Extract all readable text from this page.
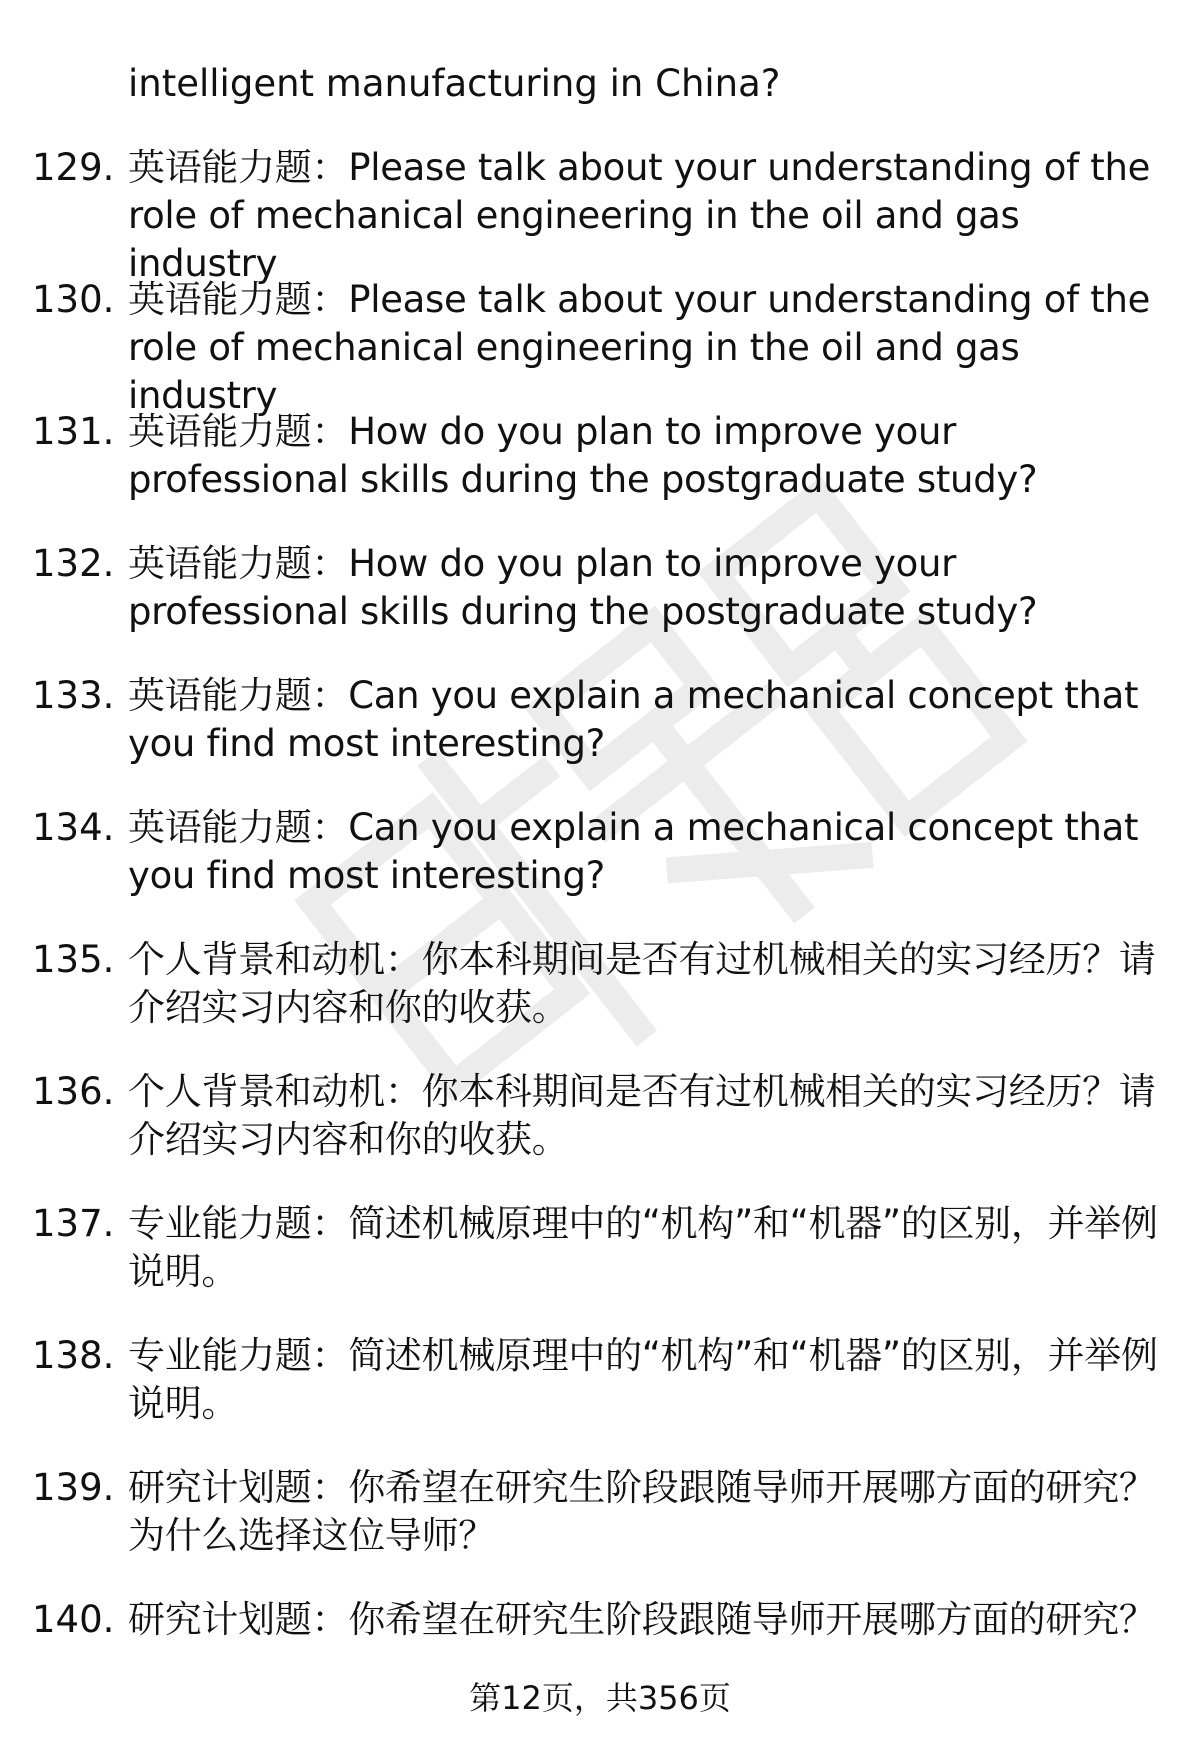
intelligent manufacturing in China?
129. 英语能力题：Please talk about your understanding of the role of mechanical engineering in the oil and gas industry
130. 英语能力题：Please talk about your understanding of the role of mechanical engineering in the oil and gas industry
131. 英语能力题：How do you plan to improve your professional skills during the postgraduate study?
132. 英语能力题：How do you plan to improve your professional skills during the postgraduate study?
133. 英语能力题：Can you explain a mechanical concept that you find most interesting?
134. 英语能力题：Can you explain a mechanical concept that you find most interesting?
135. 个人背景和动机：你本科期间是否有过机械相关的实习经历？请介绍实习内容和你的收获。
136. 个人背景和动机：你本科期间是否有过机械相关的实习经历？请介绍实习内容和你的收获。
137. 专业能力题：简述机械原理中的“机构”和“机器”的区别，并举例说明。
138. 专业能力题：简述机械原理中的“机构”和“机器”的区别，并举例说明。
139. 研究计划题：你希望在研究生阶段跟随导师开展哪方面的研究？为什么选择这位导师？
140. 研究计划题：你希望在研究生阶段跟随导师开展哪方面的研究？
第12页，共356页
